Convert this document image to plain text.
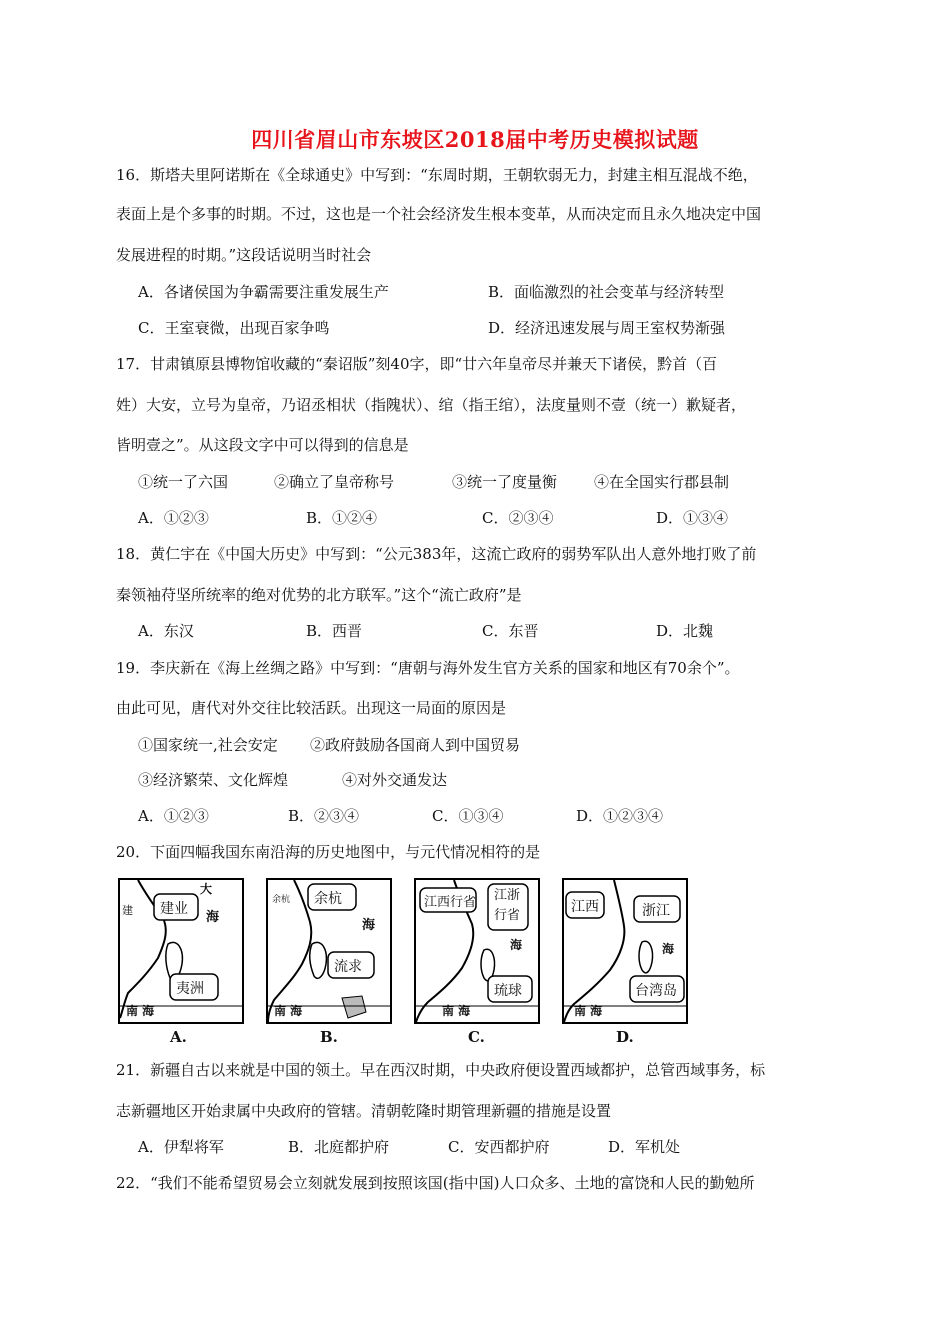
四川省眉山市东坡区2018届中考历史模拟试题
16．斯塔夫里阿诺斯在《全球通史》中写到：“东周时期，王朝软弱无力，封建主相互混战不绝，
表面上是个多事的时期。不过，这也是一个社会经济发生根本变革，从而决定而且永久地决定中国
发展进程的时期。”这段话说明当时社会
A．各诸侯国为争霸需要注重发展生产	B．面临激烈的社会变革与经济转型
C．王室衰微，出现百家争鸣	D．经济迅速发展与周王室权势渐强
17．甘肃镇原县博物馆收藏的“秦诏版”刻40字，即“廿六年皇帝尽并兼天下诸侯，黔首（百
姓）大安，立号为皇帝，乃诏丞相状（指隗状）、绾（指王绾），法度量则不壹（统一）歉疑者，
皆明壹之”。从这段文字中可以得到的信息是
①统一了六国	②确立了皇帝称号	③统一了度量衡 ④在全国实行郡县制
A．①②③	B．①②④	C．②③④	D．①③④
18．黄仁宇在《中国大历史》中写到：“公元383年，这流亡政府的弱势军队出人意外地打败了前
秦领袖苻坚所统率的绝对优势的北方联军。”这个“流亡政府”是
A．东汉	B．西晋	C．东晋	D．北魏
19．李庆新在《海上丝绸之路》中写到：“唐朝与海外发生官方关系的国家和地区有70余个”。
由此可见，唐代对外交往比较活跃。出现这一局面的原因是
①国家统一,社会安定 ②政府鼓励各国商人到中国贸易
③经济繁荣、文化辉煌	④对外交通发达
A．①②③	B．②③④	C．①③④	D．①②③④
20．下面四幅我国东南沿海的历史地图中，与元代情况相符的是
建业
夷洲
海
南 海
大
建
A.
余杭
流求
海
南 海
余杭
B.
江西行省 江浙行省
琉球
海
南 海
C.
江西	浙江
台湾岛
海
南 海
D.
21．新疆自古以来就是中国的领土。早在西汉时期，中央政府便设置西域都护，总管西域事务，标
志新疆地区开始隶属中央政府的管辖。清朝乾隆时期管理新疆的措施是设置
A．伊犁将军	B．北庭都护府	C．安西都护府	D．军机处
22．“我们不能希望贸易会立刻就发展到按照该国(指中国)人口众多、土地的富饶和人民的勤勉所
